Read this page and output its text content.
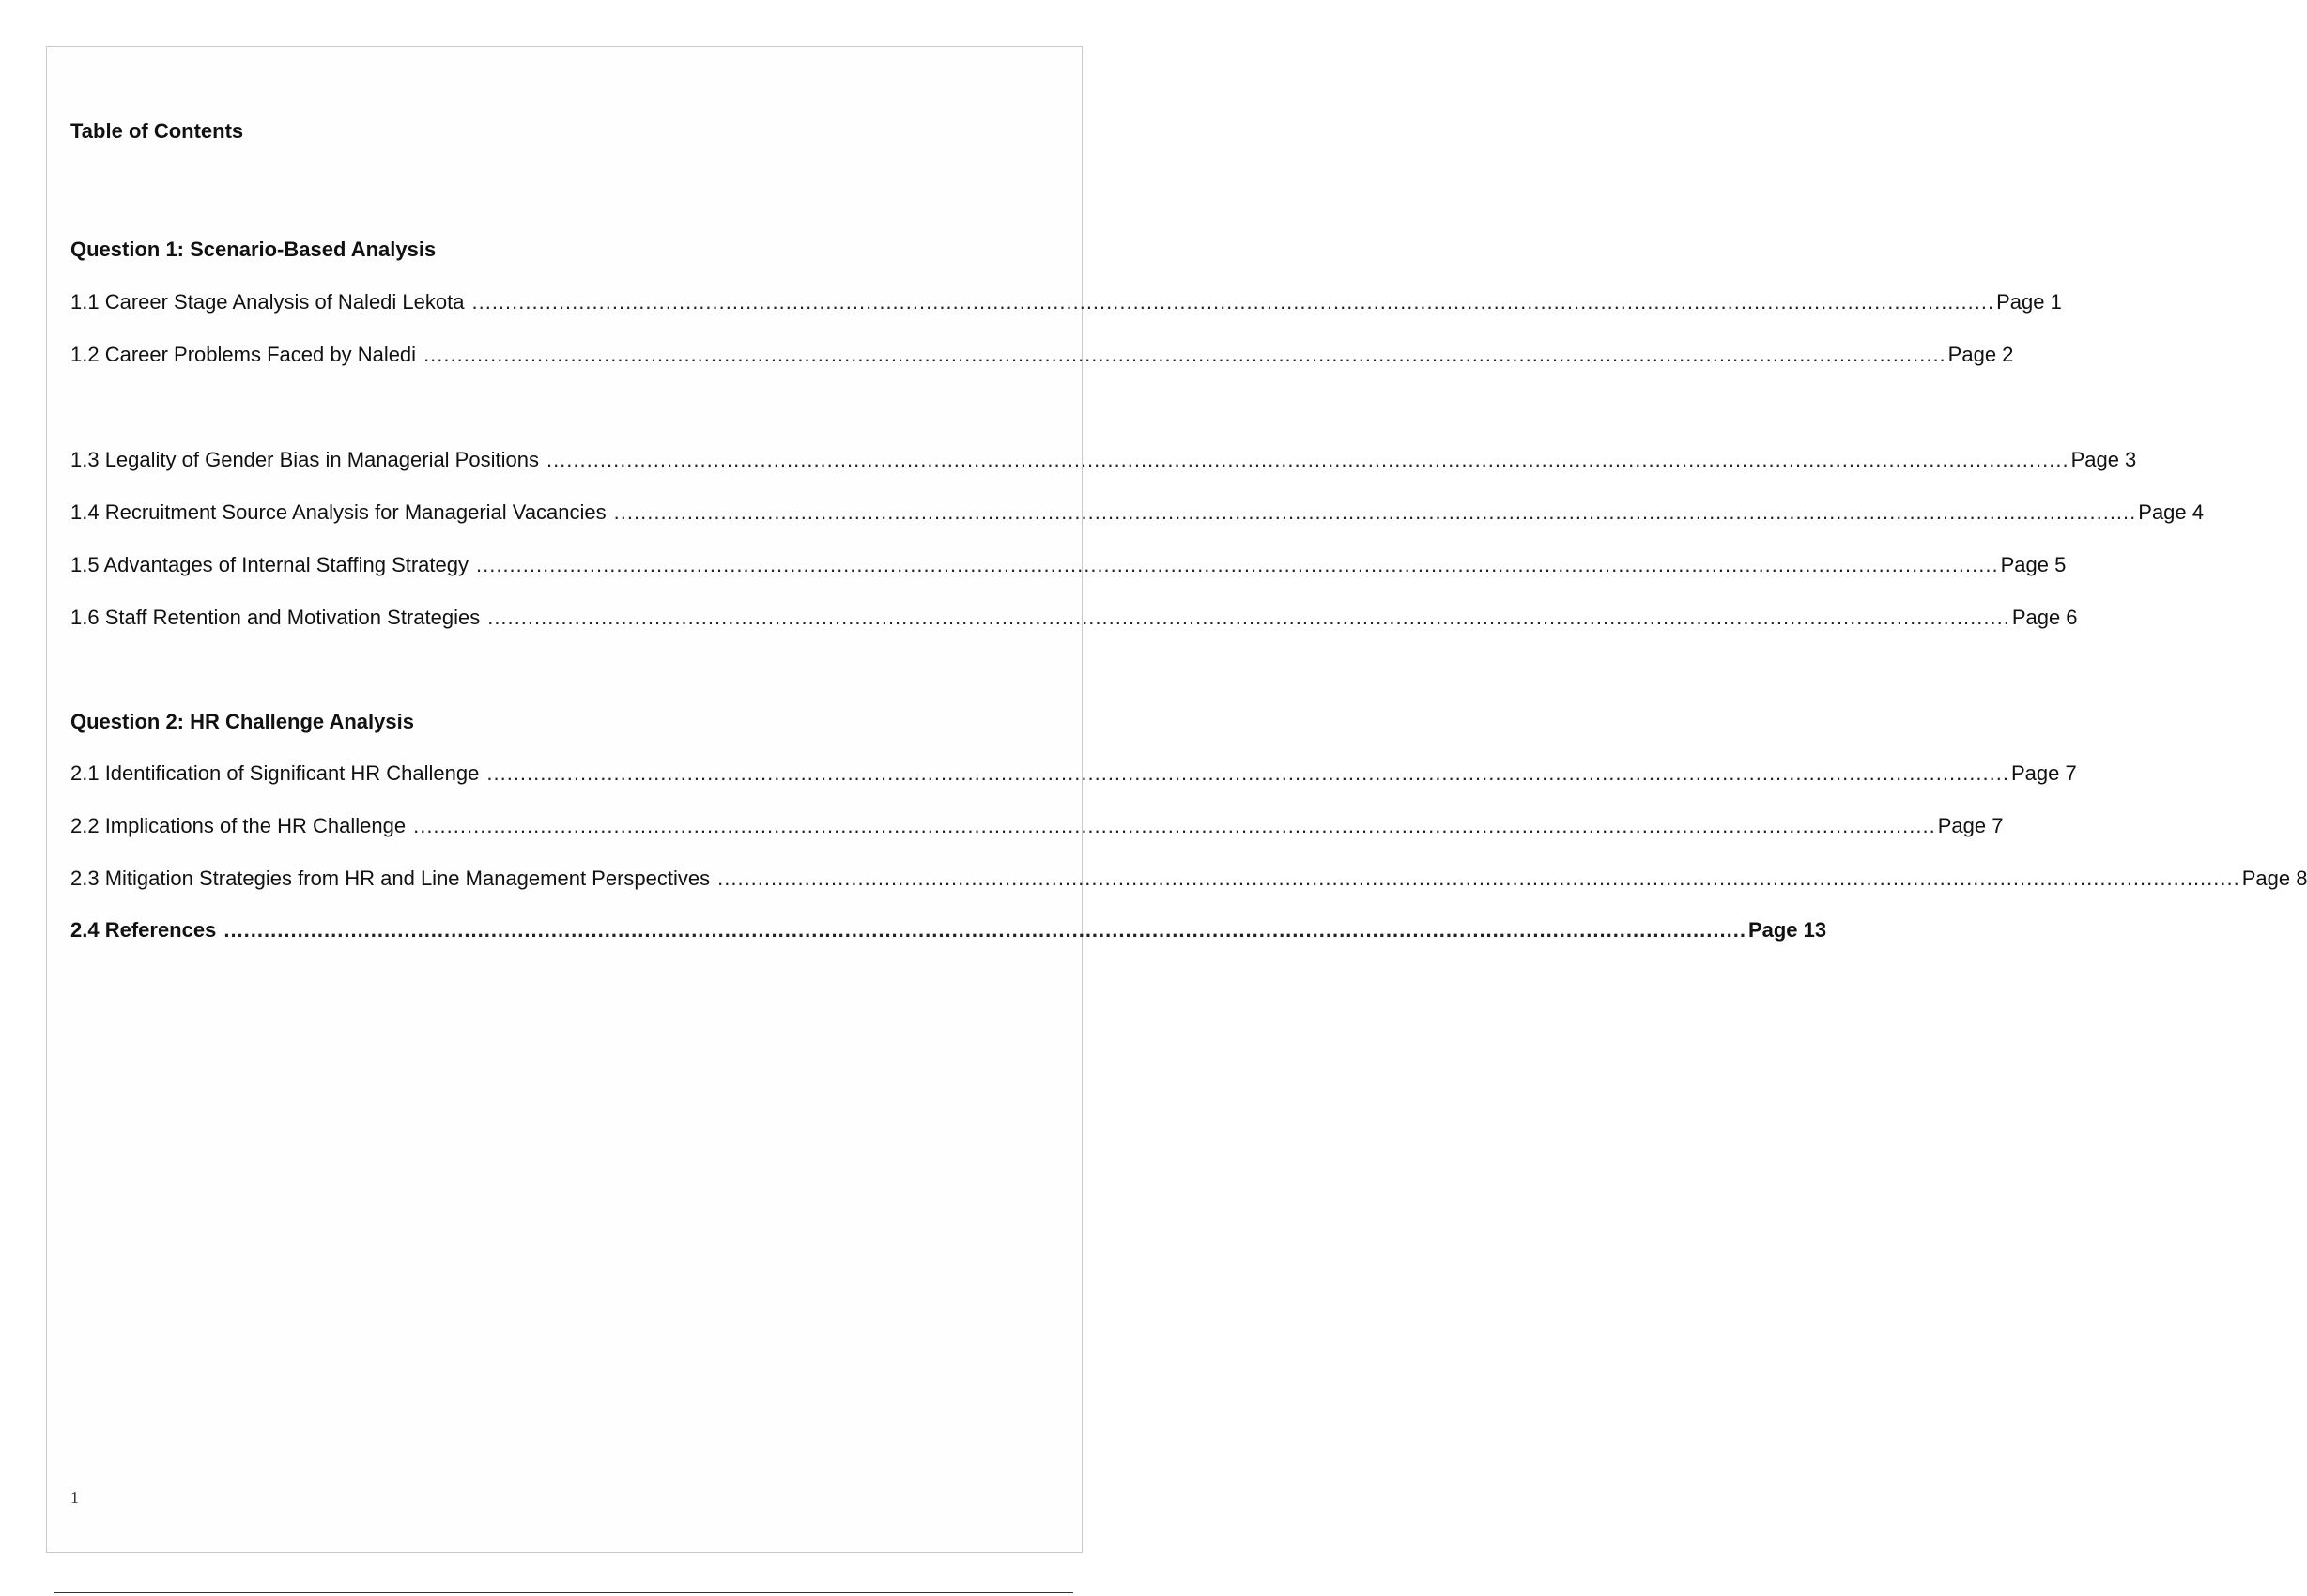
Table of Contents
Question 1: Scenario-Based Analysis
1.1 Career Stage Analysis of Naledi Lekota .................................................................................................................................................................................................................................... Page 1
1.2 Career Problems Faced by Naledi .................................................................................................................................................................................................................................... Page 2
1.3 Legality of Gender Bias in Managerial Positions .................................................................................................................................................................................................................................... Page 3
1.4 Recruitment Source Analysis for Managerial Vacancies .................................................................................................................................................................................................................................... Page 4
1.5 Advantages of Internal Staffing Strategy .................................................................................................................................................................................................................................... Page 5
1.6 Staff Retention and Motivation Strategies .................................................................................................................................................................................................................................... Page 6
Question 2: HR Challenge Analysis
2.1 Identification of Significant HR Challenge .................................................................................................................................................................................................................................... Page 7
2.2 Implications of the HR Challenge .................................................................................................................................................................................................................................... Page 7
2.3 Mitigation Strategies from HR and Line Management Perspectives .................................................................................................................................................................................................................................... Page 8
2.4 References .................................................................................................................................................................................................................................... Page 13
1
